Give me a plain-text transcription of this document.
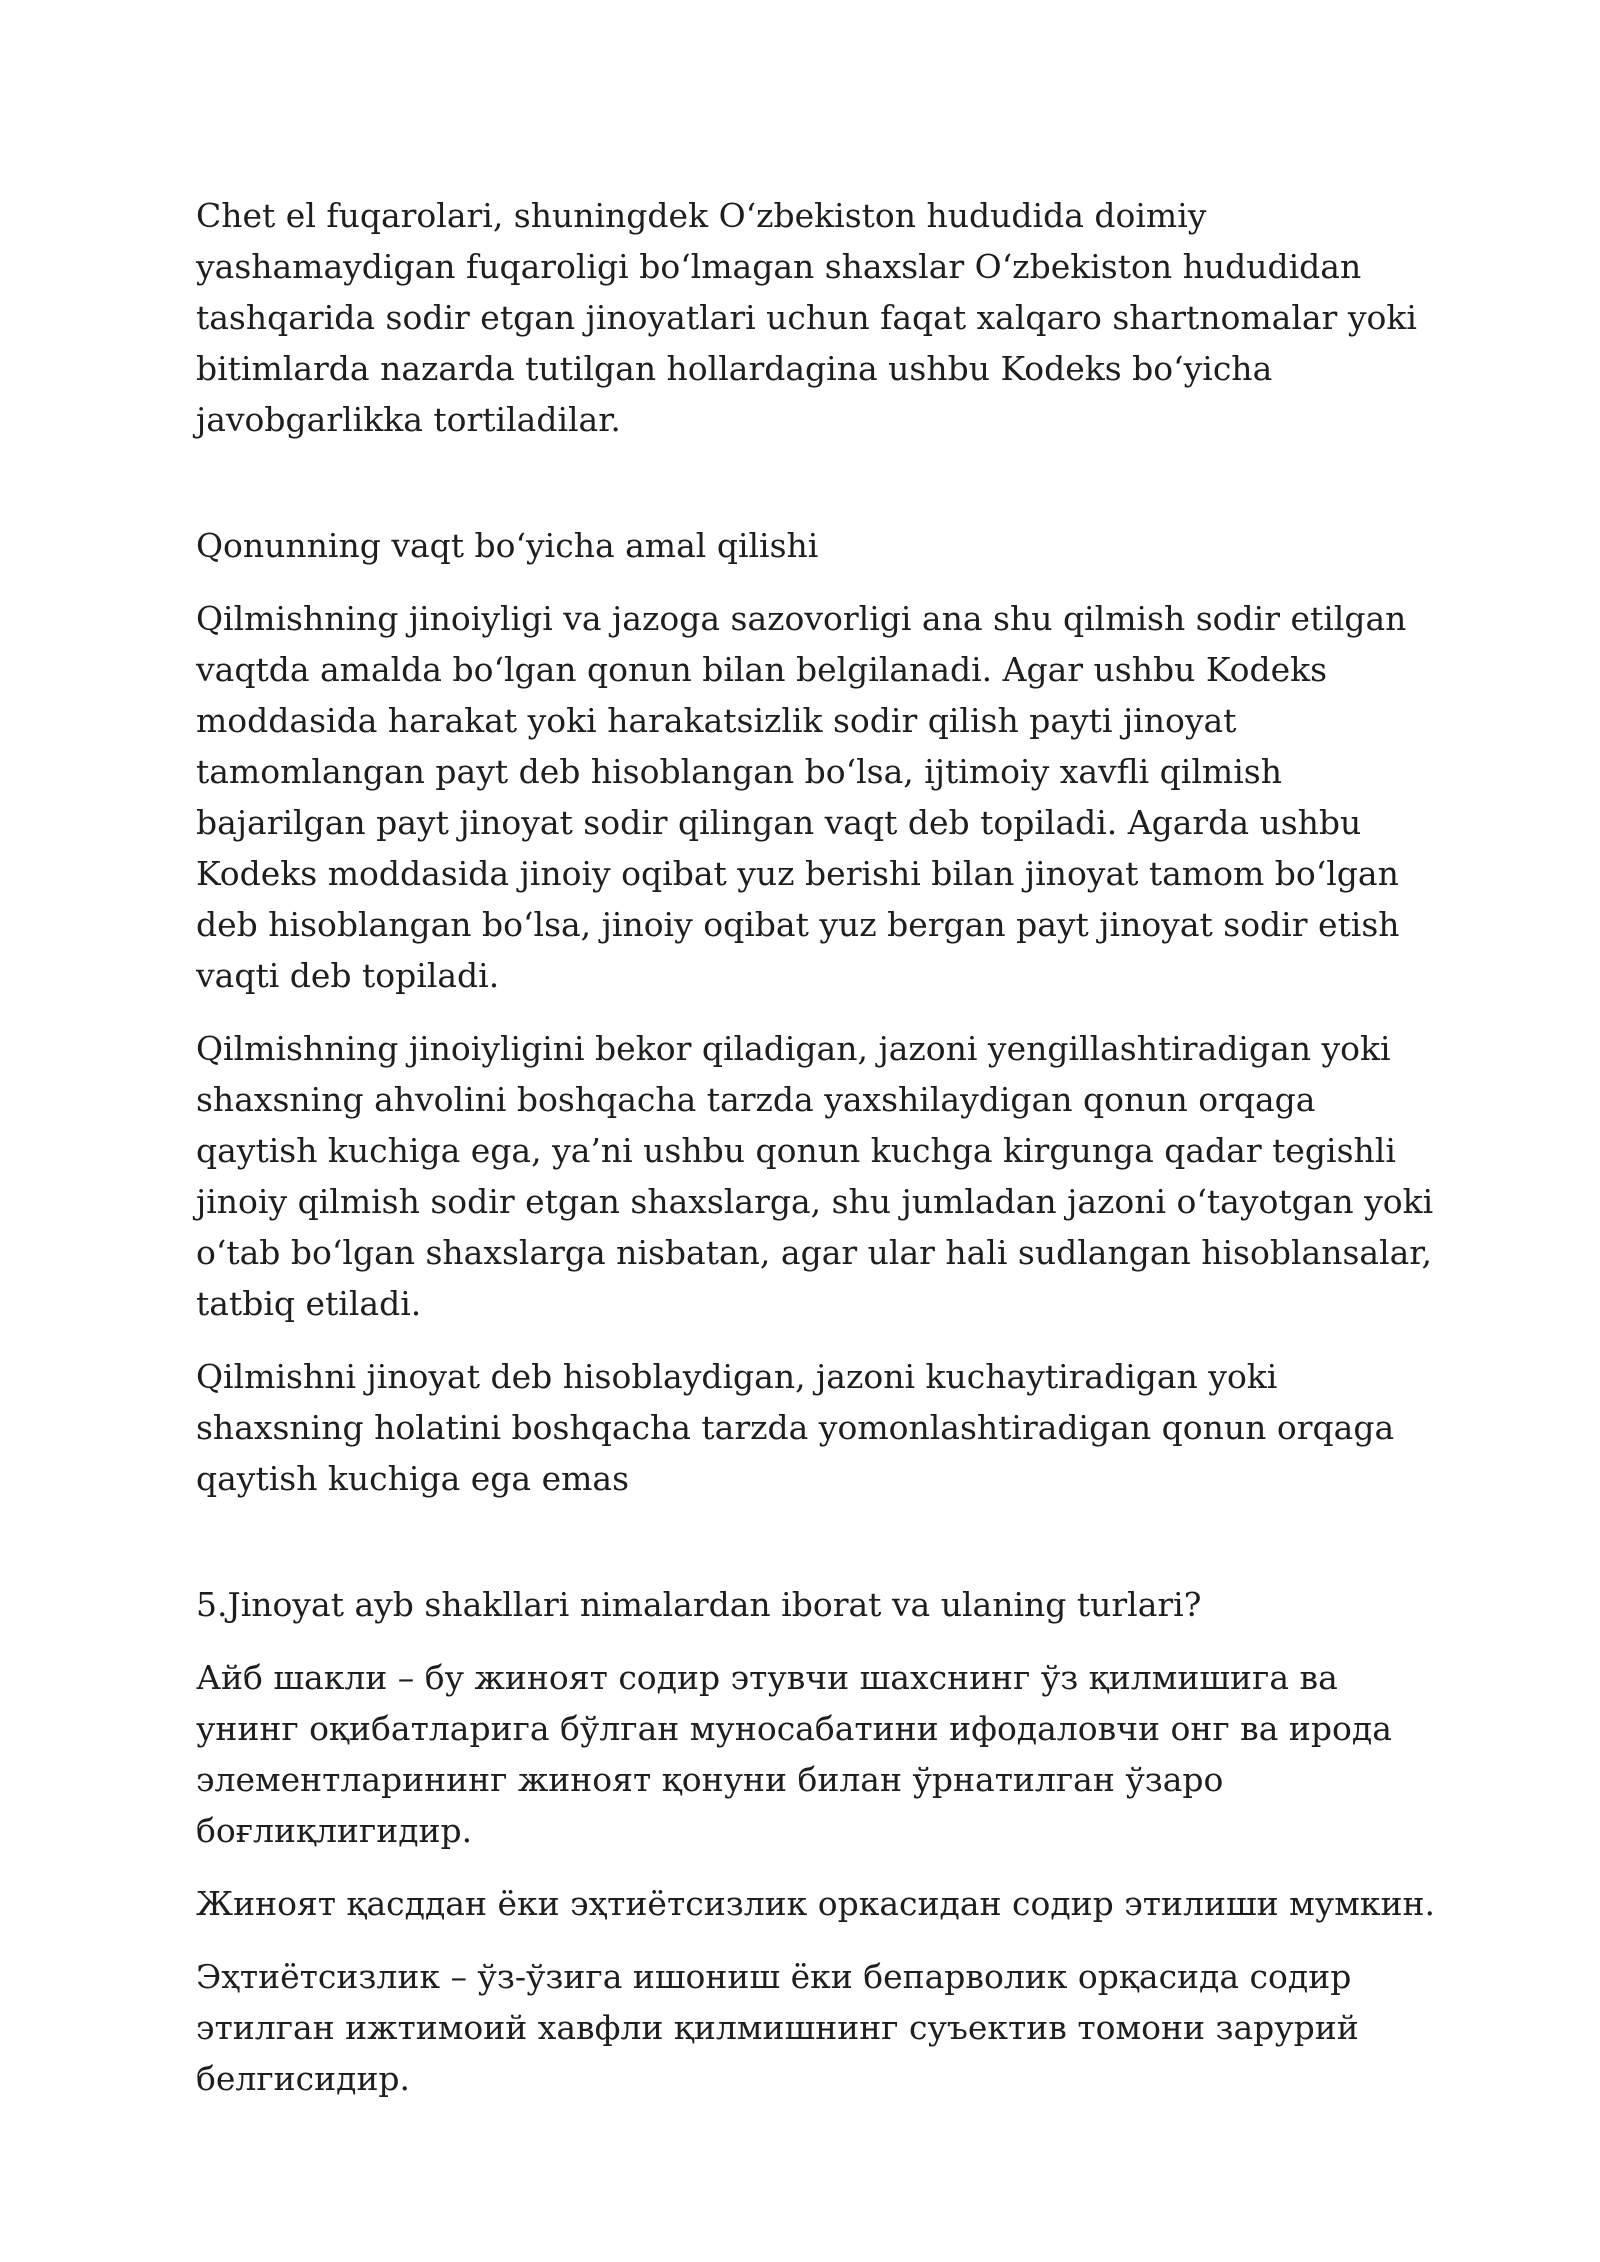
Chet el fuqarolari, shuningdek Oʻzbekiston hududida doimiy yashamaydigan fuqaroligi boʻlmagan shaxslar Oʻzbekiston hududidan tashqarida sodir etgan jinoyatlari uchun faqat xalqaro shartnomalar yoki bitimlarda nazarda tutilgan hollardagina ushbu Kodeks boʻyicha javobgarlikka tortiladilar.

Qonunning vaqt boʻyicha amal qilishi

Qilmishning jinoiyligi va jazoga sazovorligi ana shu qilmish sodir etilgan vaqtda amalda boʻlgan qonun bilan belgilanadi. Agar ushbu Kodeks moddasida harakat yoki harakatsizlik sodir qilish payti jinoyat tamomlangan payt deb hisoblangan boʻlsa, ijtimoiy xavfli qilmish bajarilgan payt jinoyat sodir qilingan vaqt deb topiladi. Agarda ushbu Kodeks moddasida jinoiy oqibat yuz berishi bilan jinoyat tamom boʻlgan deb hisoblangan boʻlsa, jinoiy oqibat yuz bergan payt jinoyat sodir etish vaqti deb topiladi.

Qilmishning jinoiyligini bekor qiladigan, jazoni yengillashtiradigan yoki shaxsning ahvolini boshqacha tarzda yaxshilaydigan qonun orqaga qaytish kuchiga ega, ya’ni ushbu qonun kuchga kirgunga qadar tegishli jinoiy qilmish sodir etgan shaxslarga, shu jumladan jazoni oʻtayotgan yoki oʻtab boʻlgan shaxslarga nisbatan, agar ular hali sudlangan hisoblansalar, tatbiq etiladi.

Qilmishni jinoyat deb hisoblaydigan, jazoni kuchaytiradigan yoki shaxsning holatini boshqacha tarzda yomonlashtiradigan qonun orqaga qaytish kuchiga ega emas

5.Jinoyat ayb shakllari nimalardan iborat va ulaning turlari?

Айб шакли – бу жиноят содир этувчи шахснинг ўз қилмишига ва унинг оқибатларига бўлган муносабатини ифодаловчи онг ва ирода элементларининг жиноят қонуни билан ўрнатилган ўзаро боғлиқлигидир.

Жиноят қасддан ёки эҳтиётсизлик оркасидан содир этилиши мумкин.

Эҳтиётсизлик – ўз-ўзига ишониш ёки бепарволик орқасида содир этилган ижтимоий хавфли қилмишнинг суъектив томони зарурий белгисидир.
